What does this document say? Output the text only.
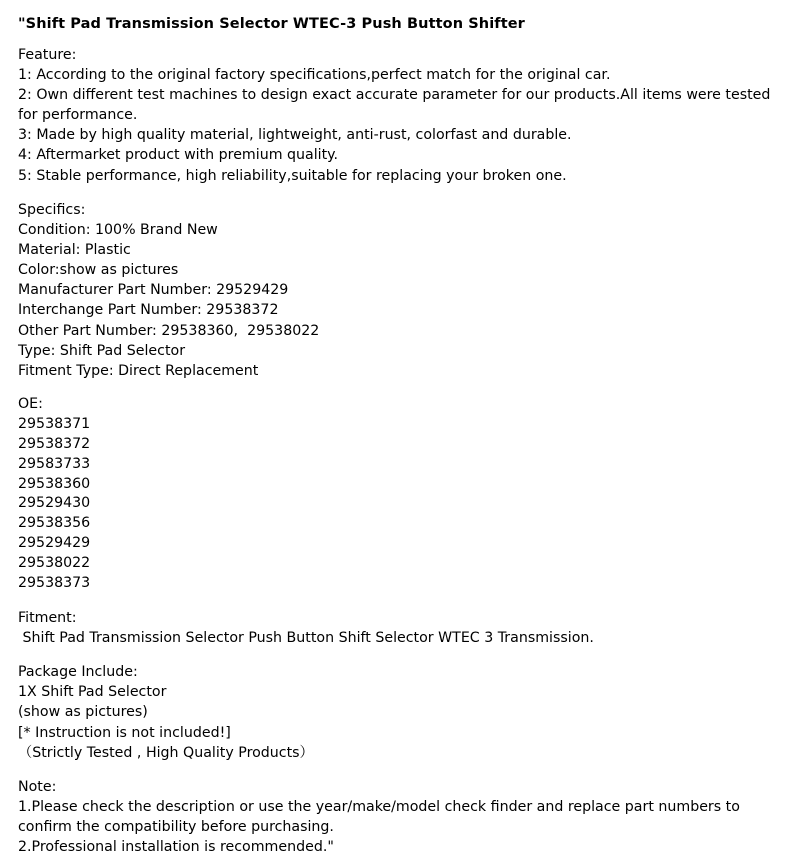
"Shift Pad Transmission Selector WTEC-3 Push Button Shifter
Feature:
1: According to the original factory specifications,perfect match for the original car.
2: Own different test machines to design exact accurate parameter for our products.All items were tested for performance.
3: Made by high quality material, lightweight, anti-rust, colorfast and durable.
4: Aftermarket product with premium quality.
5: Stable performance, high reliability,suitable for replacing your broken one.
Specifics:
Condition: 100% Brand New
Material: Plastic
Color:show as pictures
Manufacturer Part Number: 29529429
Interchange Part Number: 29538372
Other Part Number: 29538360,  29538022
Type: Shift Pad Selector
Fitment Type: Direct Replacement
OE:
29538371
29538372
29583733
29538360
29529430
29538356
29529429
29538022
29538373
Fitment:
Shift Pad Transmission Selector Push Button Shift Selector WTEC 3 Transmission.
Package Include:
1X Shift Pad Selector
(show as pictures)
[* Instruction is not included!]
（Strictly Tested , High Quality Products）
Note:
1.Please check the description or use the year/make/model check finder and replace part numbers to confirm the compatibility before purchasing.
2.Professional installation is recommended."
